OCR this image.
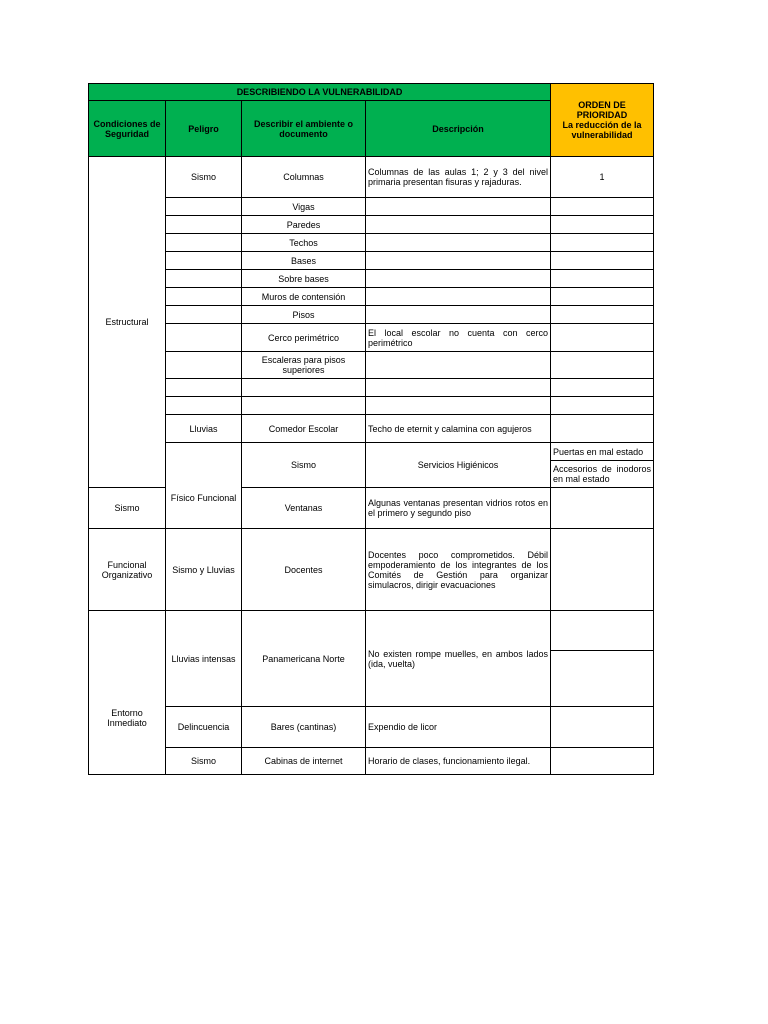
DESCRIBIENDO LA VULNERABILIDAD				ORDEN DE PRIORIDAD
La reducción de la vulnerabilidad	
Condiciones de Seguridad	Peligro	Describir el ambiente o documento	Descripción		
Estructural	Sismo	Columnas	Columnas de las aulas 1; 2 y 3 del nivel primaria presentan fisuras y rajaduras.	1	
		Vigas			
		Paredes			
		Techos			
		Bases			
		Sobre bases			
		Muros de contensión			
		Pisos			
		Cerco perimétrico	El local escolar no cuenta con cerco perimétrico		
		Escaleras para pisos superiores			

	Lluvias	Comedor Escolar	Techo de eternit y calamina con agujeros		
	Físico Funcional	Sismo	Servicios Higiénicos	Puertas en mal estado	
				Accesorios de inodoros en mal estado	
Sismo		Ventanas	Algunas ventanas presentan vidrios rotos en el primero y segundo piso		
Funcional Organizativo	Sismo y Lluvias	Docentes	Docentes poco comprometidos. Débil empoderamiento de los integrantes de los Comités de Gestión para organizar simulacros, dirigir evacuaciones		
Entorno Inmediato	Lluvias intensas	Panamericana Norte	No existen rompe muelles, en ambos lados (ida, vuelta)		

	Delincuencia	Bares (cantinas)	Expendio de licor		
	Sismo	Cabinas de internet	Horario de clases, funcionamiento ilegal.		
